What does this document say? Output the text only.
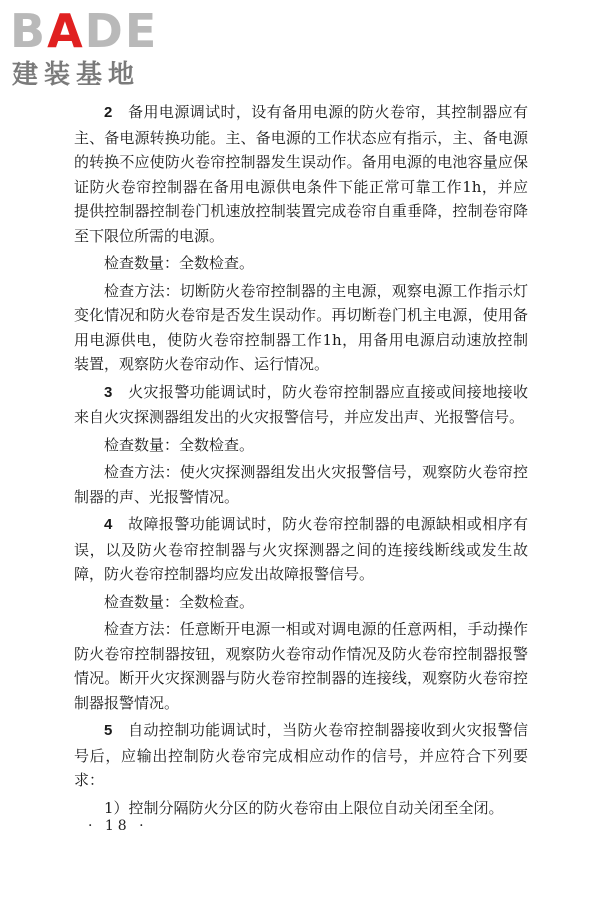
BADE
建装基地

2　备用电源调试时，设有备用电源的防火卷帘，其控制器应有主、备电源转换功能。主、备电源的工作状态应有指示，主、备电源的转换不应使防火卷帘控制器发生误动作。备用电源的电池容量应保证防火卷帘控制器在备用电源供电条件下能正常可靠工作1h，并应提供控制器控制卷门机速放控制装置完成卷帘自重垂降，控制卷帘降至下限位所需的电源。

检查数量：全数检查。

检查方法：切断防火卷帘控制器的主电源，观察电源工作指示灯变化情况和防火卷帘是否发生误动作。再切断卷门机主电源，使用备用电源供电，使防火卷帘控制器工作1h，用备用电源启动速放控制装置，观察防火卷帘动作、运行情况。

3　火灾报警功能调试时，防火卷帘控制器应直接或间接地接收来自火灾探测器组发出的火灾报警信号，并应发出声、光报警信号。

检查数量：全数检查。

检查方法：使火灾探测器组发出火灾报警信号，观察防火卷帘控制器的声、光报警情况。

4　故障报警功能调试时，防火卷帘控制器的电源缺相或相序有误，以及防火卷帘控制器与火灾探测器之间的连接线断线或发生故障，防火卷帘控制器均应发出故障报警信号。

检查数量：全数检查。

检查方法：任意断开电源一相或对调电源的任意两相，手动操作防火卷帘控制器按钮，观察防火卷帘动作情况及防火卷帘控制器报警情况。断开火灾探测器与防火卷帘控制器的连接线，观察防火卷帘控制器报警情况。

5　自动控制功能调试时，当防火卷帘控制器接收到火灾报警信号后，应输出控制防火卷帘完成相应动作的信号，并应符合下列要求：

1）控制分隔防火分区的防火卷帘由上限位自动关闭至全闭。

· 18 ·
